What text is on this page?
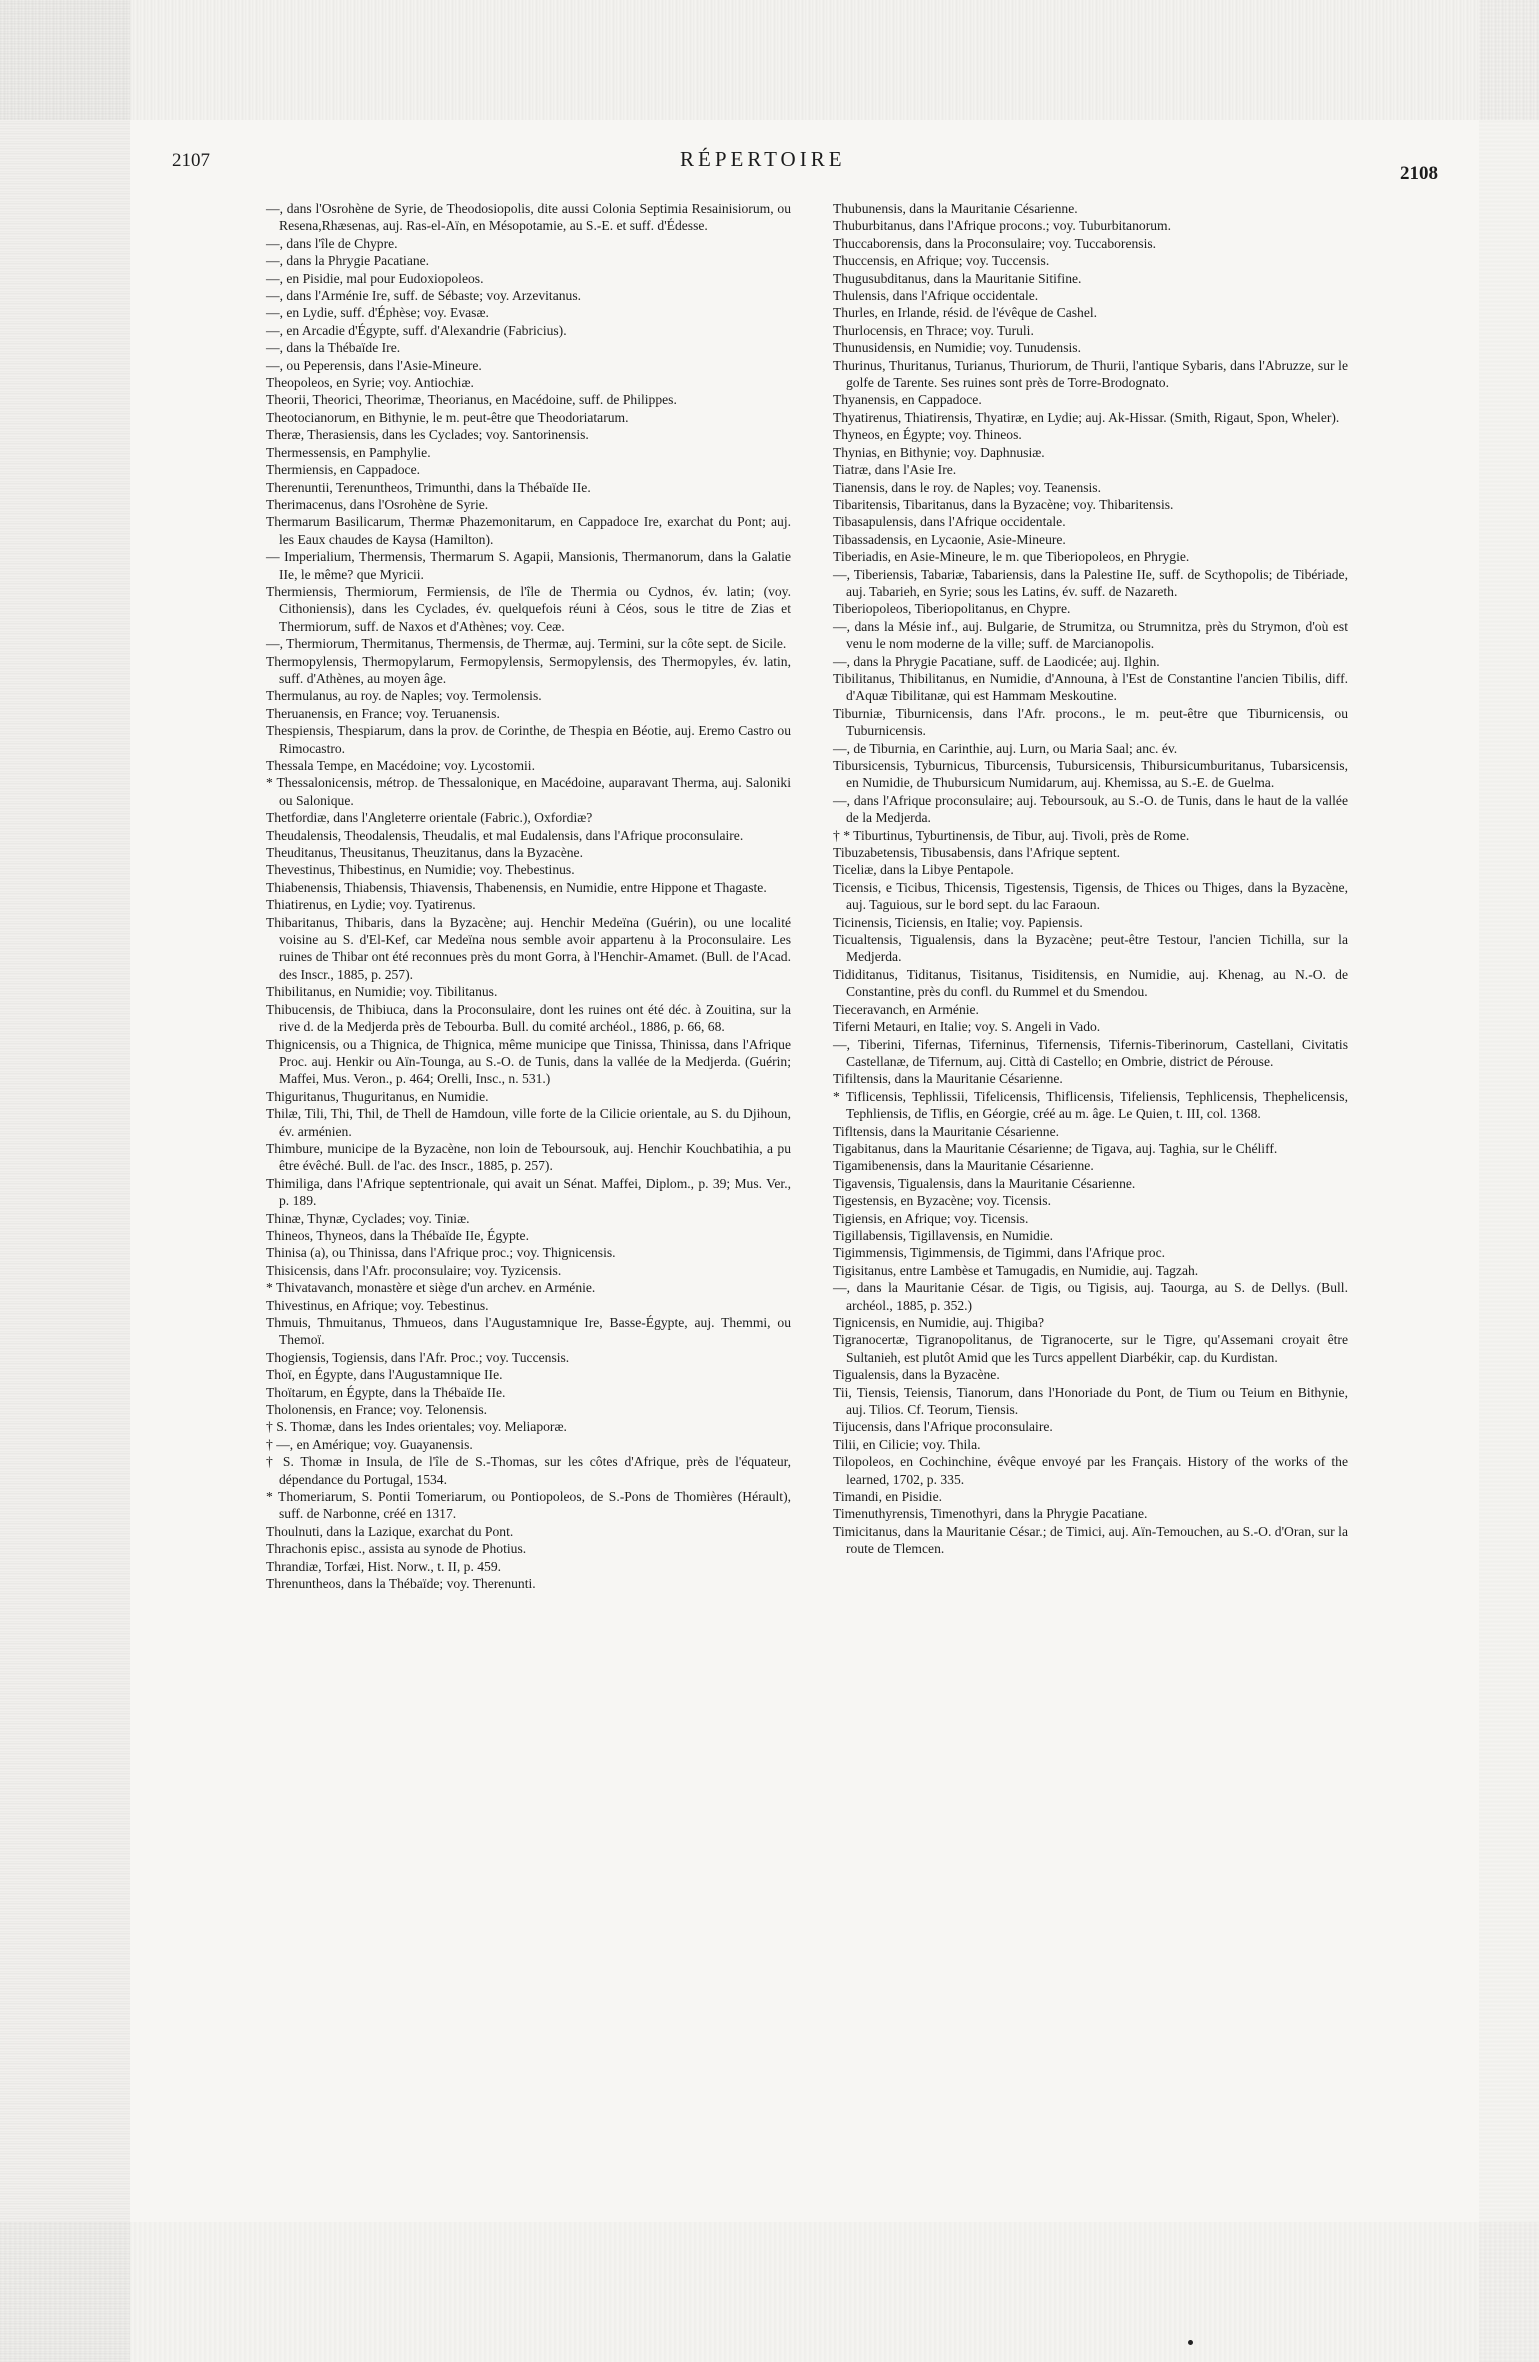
2107	RÉPERTOIRE
2108

—, dans l'Osrohène de Syrie, de Theodosiopolis, dite aussi Colonia Septimia Resainisiorum, ou Resena,Rhæsenas, auj. Ras-el-Aïn, en Mésopotamie, au S.-E. et suff. d'Édesse.

—, dans l'île de Chypre.

—, dans la Phrygie Pacatiane.

—, en Pisidie, mal pour Eudoxiopoleos.

—, dans l'Arménie Ire, suff. de Sébaste; voy. Arzevitanus.

—, en Lydie, suff. d'Éphèse; voy. Evasæ.

—, en Arcadie d'Égypte, suff. d'Alexandrie (Fabricius).

—, dans la Thébaïde Ire.

—, ou Peperensis, dans l'Asie-Mineure.

Theopoleos, en Syrie; voy. Antiochiæ.

Theorii, Theorici, Theorimæ, Theorianus, en Macédoine, suff. de Philippes.

Theotocianorum, en Bithynie, le m. peut-être que Theodoriatarum.

Theræ, Therasiensis, dans les Cyclades; voy. Santorinensis.

Thermessensis, en Pamphylie.

Thermiensis, en Cappadoce.

Therenuntii, Terenuntheos, Trimunthi, dans la Thébaïde IIe.

Therimacenus, dans l'Osrohène de Syrie.

Thermarum Basilicarum, Thermæ Phazemonitarum, en Cappadoce Ire, exarchat du Pont; auj. les Eaux chaudes de Kaysa (Hamilton).

— Imperialium, Thermensis, Thermarum S. Agapii, Mansionis, Thermanorum, dans la Galatie IIe, le même? que Myricii.

Thermiensis, Thermiorum, Fermiensis, de l'île de Thermia ou Cydnos, év. latin; (voy. Cithoniensis), dans les Cyclades, év. quelquefois réuni à Céos, sous le titre de Zias et Thermiorum, suff. de Naxos et d'Athènes; voy. Ceæ.

—, Thermiorum, Thermitanus, Thermensis, de Thermæ, auj. Termini, sur la côte sept. de Sicile.

Thermopylensis, Thermopylarum, Fermopylensis, Sermopylensis, des Thermopyles, év. latin, suff. d'Athènes, au moyen âge.

Thermulanus, au roy. de Naples; voy. Termolensis.

Theruanensis, en France; voy. Teruanensis.

Thespiensis, Thespiarum, dans la prov. de Corinthe, de Thespia en Béotie, auj. Eremo Castro ou Rimocastro.

Thessala Tempe, en Macédoine; voy. Lycostomii.

* Thessalonicensis, métrop. de Thessalonique, en Macédoine, auparavant Therma, auj. Saloniki ou Salonique.

Thetfordiæ, dans l'Angleterre orientale (Fabric.), Oxfordiæ?

Theudalensis, Theodalensis, Theudalis, et mal Eudalensis, dans l'Afrique proconsulaire.

Theuditanus, Theusitanus, Theuzitanus, dans la Byzacène.

Thevestinus, Thibestinus, en Numidie; voy. Thebestinus.

Thiabenensis, Thiabensis, Thiavensis, Thabenensis, en Numidie, entre Hippone et Thagaste.

Thiatirenus, en Lydie; voy. Tyatirenus.

Thibaritanus, Thibaris, dans la Byzacène; auj. Henchir Medeïna (Guérin), ou une localité voisine au S. d'El-Kef, car Medeïna nous semble avoir appartenu à la Proconsulaire. Les ruines de Thibar ont été reconnues près du mont Gorra, à l'Henchir-Amamet. (Bull. de l'Acad. des Inscr., 1885, p. 257).

Thibilitanus, en Numidie; voy. Tibilitanus.

Thibucensis, de Thibiuca, dans la Proconsulaire, dont les ruines ont été déc. à Zouitina, sur la rive d. de la Medjerda près de Tebourba. Bull. du comité archéol., 1886, p. 66, 68.

Thignicensis, ou a Thignica, de Thignica, même municipe que Tinissa, Thinissa, dans l'Afrique Proc. auj. Henkir ou Aïn-Tounga, au S.-O. de Tunis, dans la vallée de la Medjerda. (Guérin; Maffei, Mus. Veron., p. 464; Orelli, Insc., n. 531.)

Thiguritanus, Thuguritanus, en Numidie.

Thilæ, Tili, Thi, Thil, de Thell de Hamdoun, ville forte de la Cilicie orientale, au S. du Djihoun, év. arménien.

Thimbure, municipe de la Byzacène, non loin de Teboursouk, auj. Henchir Kouchbatihia, a pu être évêché. Bull. de l'ac. des Inscr., 1885, p. 257).

Thimiliga, dans l'Afrique septentrionale, qui avait un Sénat. Maffei, Diplom., p. 39; Mus. Ver., p. 189.

Thinæ, Thynæ, Cyclades; voy. Tiniæ.

Thineos, Thyneos, dans la Thébaïde IIe, Égypte.

Thinisa (a), ou Thinissa, dans l'Afrique proc.; voy. Thignicensis.

Thisicensis, dans l'Afr. proconsulaire; voy. Tyzicensis.

* Thivatavanch, monastère et siège d'un archev. en Arménie.

Thivestinus, en Afrique; voy. Tebestinus.

Thmuis, Thmuitanus, Thmueos, dans l'Augustamnique Ire, Basse-Égypte, auj. Themmi, ou Themoï.

Thogiensis, Togiensis, dans l'Afr. Proc.; voy. Tuccensis.

Thoï, en Égypte, dans l'Augustamnique IIe.

Thoïtarum, en Égypte, dans la Thébaïde IIe.

Tholonensis, en France; voy. Telonensis.

† S. Thomæ, dans les Indes orientales; voy. Meliaporæ.

† —, en Amérique; voy. Guayanensis.

† S. Thomæ in Insula, de l'île de S.-Thomas, sur les côtes d'Afrique, près de l'équateur, dépendance du Portugal, 1534.

* Thomeriarum, S. Pontii Tomeriarum, ou Pontiopoleos, de S.-Pons de Thomières (Hérault), suff. de Narbonne, créé en 1317.

Thoulnuti, dans la Lazique, exarchat du Pont.

Thrachonis episc., assista au synode de Photius.

Thrandiæ, Torfæi, Hist. Norw., t. II, p. 459.

Threnuntheos, dans la Thébaïde; voy. Therenunti.

Thubunensis, dans la Mauritanie Césarienne.

Thuburbitanus, dans l'Afrique procons.; voy. Tuburbitanorum.

Thuccaborensis, dans la Proconsulaire; voy. Tuccaborensis.

Thuccensis, en Afrique; voy. Tuccensis.

Thugusubditanus, dans la Mauritanie Sitifine.

Thulensis, dans l'Afrique occidentale.

Thurles, en Irlande, résid. de l'évêque de Cashel.

Thurlocensis, en Thrace; voy. Turuli.

Thunusidensis, en Numidie; voy. Tunudensis.

Thurinus, Thuritanus, Turianus, Thuriorum, de Thurii, l'antique Sybaris, dans l'Abruzze, sur le golfe de Tarente. Ses ruines sont près de Torre-Brodognato.

Thyanensis, en Cappadoce.

Thyatirenus, Thiatirensis, Thyatiræ, en Lydie; auj. Ak-Hissar. (Smith, Rigaut, Spon, Wheler).

Thyneos, en Égypte; voy. Thineos.

Thynias, en Bithynie; voy. Daphnusiæ.

Tiatræ, dans l'Asie Ire.

Tianensis, dans le roy. de Naples; voy. Teanensis.

Tibaritensis, Tibaritanus, dans la Byzacène; voy. Thibaritensis.

Tibasapulensis, dans l'Afrique occidentale.

Tibassadensis, en Lycaonie, Asie-Mineure.

Tiberiadis, en Asie-Mineure, le m. que Tiberiopoleos, en Phrygie.

—, Tiberiensis, Tabariæ, Tabariensis, dans la Palestine IIe, suff. de Scythopolis; de Tibériade, auj. Tabarieh, en Syrie; sous les Latins, év. suff. de Nazareth.

Tiberiopoleos, Tiberiopolitanus, en Chypre.

—, dans la Mésie inf., auj. Bulgarie, de Strumitza, ou Strumnitza, près du Strymon, d'où est venu le nom moderne de la ville; suff. de Marcianopolis.

—, dans la Phrygie Pacatiane, suff. de Laodicée; auj. Ilghin.

Tibilitanus, Thibilitanus, en Numidie, d'Announa, à l'Est de Constantine l'ancien Tibilis, diff. d'Aquæ Tibilitanæ, qui est Hammam Meskoutine.

Tiburniæ, Tiburnicensis, dans l'Afr. procons., le m. peut-être que Tiburnicensis, ou Tuburnicensis.

—, de Tiburnia, en Carinthie, auj. Lurn, ou Maria Saal; anc. év.

Tibursicensis, Tyburnicus, Tiburcensis, Tubursicensis, Thibursicumburitanus, Tubarsicensis, en Numidie, de Thubursicum Numidarum, auj. Khemissa, au S.-E. de Guelma.

—, dans l'Afrique proconsulaire; auj. Teboursouk, au S.-O. de Tunis, dans le haut de la vallée de la Medjerda.

† * Tiburtinus, Tyburtinensis, de Tibur, auj. Tivoli, près de Rome.

Tibuzabetensis, Tibusabensis, dans l'Afrique septent.

Ticeliæ, dans la Libye Pentapole.

Ticensis, e Ticibus, Thicensis, Tigestensis, Tigensis, de Thices ou Thiges, dans la Byzacène, auj. Taguious, sur le bord sept. du lac Faraoun.

Ticinensis, Ticiensis, en Italie; voy. Papiensis.

Ticualtensis, Tigualensis, dans la Byzacène; peut-être Testour, l'ancien Tichilla, sur la Medjerda.

Tididitanus, Tiditanus, Tisitanus, Tisiditensis, en Numidie, auj. Khenag, au N.-O. de Constantine, près du confl. du Rummel et du Smendou.

Tieceravanch, en Arménie.

Tiferni Metauri, en Italie; voy. S. Angeli in Vado.

—, Tiberini, Tifernas, Tiferninus, Tifernensis, Tifernis-Tiberinorum, Castellani, Civitatis Castellanæ, de Tifernum, auj. Città di Castello; en Ombrie, district de Pérouse.

Tifiltensis, dans la Mauritanie Césarienne.

* Tiflicensis, Tephlissii, Tifelicensis, Thiflicensis, Tifeliensis, Tephlicensis, Thephelicensis, Tephliensis, de Tiflis, en Géorgie, créé au m. âge. Le Quien, t. III, col. 1368.

Tifltensis, dans la Mauritanie Césarienne.

Tigabitanus, dans la Mauritanie Césarienne; de Tigava, auj. Taghia, sur le Chéliff.

Tigamibenensis, dans la Mauritanie Césarienne.

Tigavensis, Tigualensis, dans la Mauritanie Césarienne.

Tigestensis, en Byzacène; voy. Ticensis.

Tigiensis, en Afrique; voy. Ticensis.

Tigillabensis, Tigillavensis, en Numidie.

Tigimmensis, Tigimmensis, de Tigimmi, dans l'Afrique proc.

Tigisitanus, entre Lambèse et Tamugadis, en Numidie, auj. Tagzah.

—, dans la Mauritanie César. de Tigis, ou Tigisis, auj. Taourga, au S. de Dellys. (Bull. archéol., 1885, p. 352.)

Tignicensis, en Numidie, auj. Thigiba?

Tigranocertæ, Tigranopolitanus, de Tigranocerte, sur le Tigre, qu'Assemani croyait être Sultanieh, est plutôt Amid que les Turcs appellent Diarbékir, cap. du Kurdistan.

Tigualensis, dans la Byzacène.

Tii, Tiensis, Teiensis, Tianorum, dans l'Honoriade du Pont, de Tium ou Teium en Bithynie, auj. Tilios. Cf. Teorum, Tiensis.

Tijucensis, dans l'Afrique proconsulaire.

Tilii, en Cilicie; voy. Thila.

Tilopoleos, en Cochinchine, évêque envoyé par les Français. History of the works of the learned, 1702, p. 335.

Timandi, en Pisidie.

Timenuthyrensis, Timenothyri, dans la Phrygie Pacatiane.

Timicitanus, dans la Mauritanie César.; de Timici, auj. Aïn-Temouchen, au S.-O. d'Oran, sur la route de Tlemcen.
